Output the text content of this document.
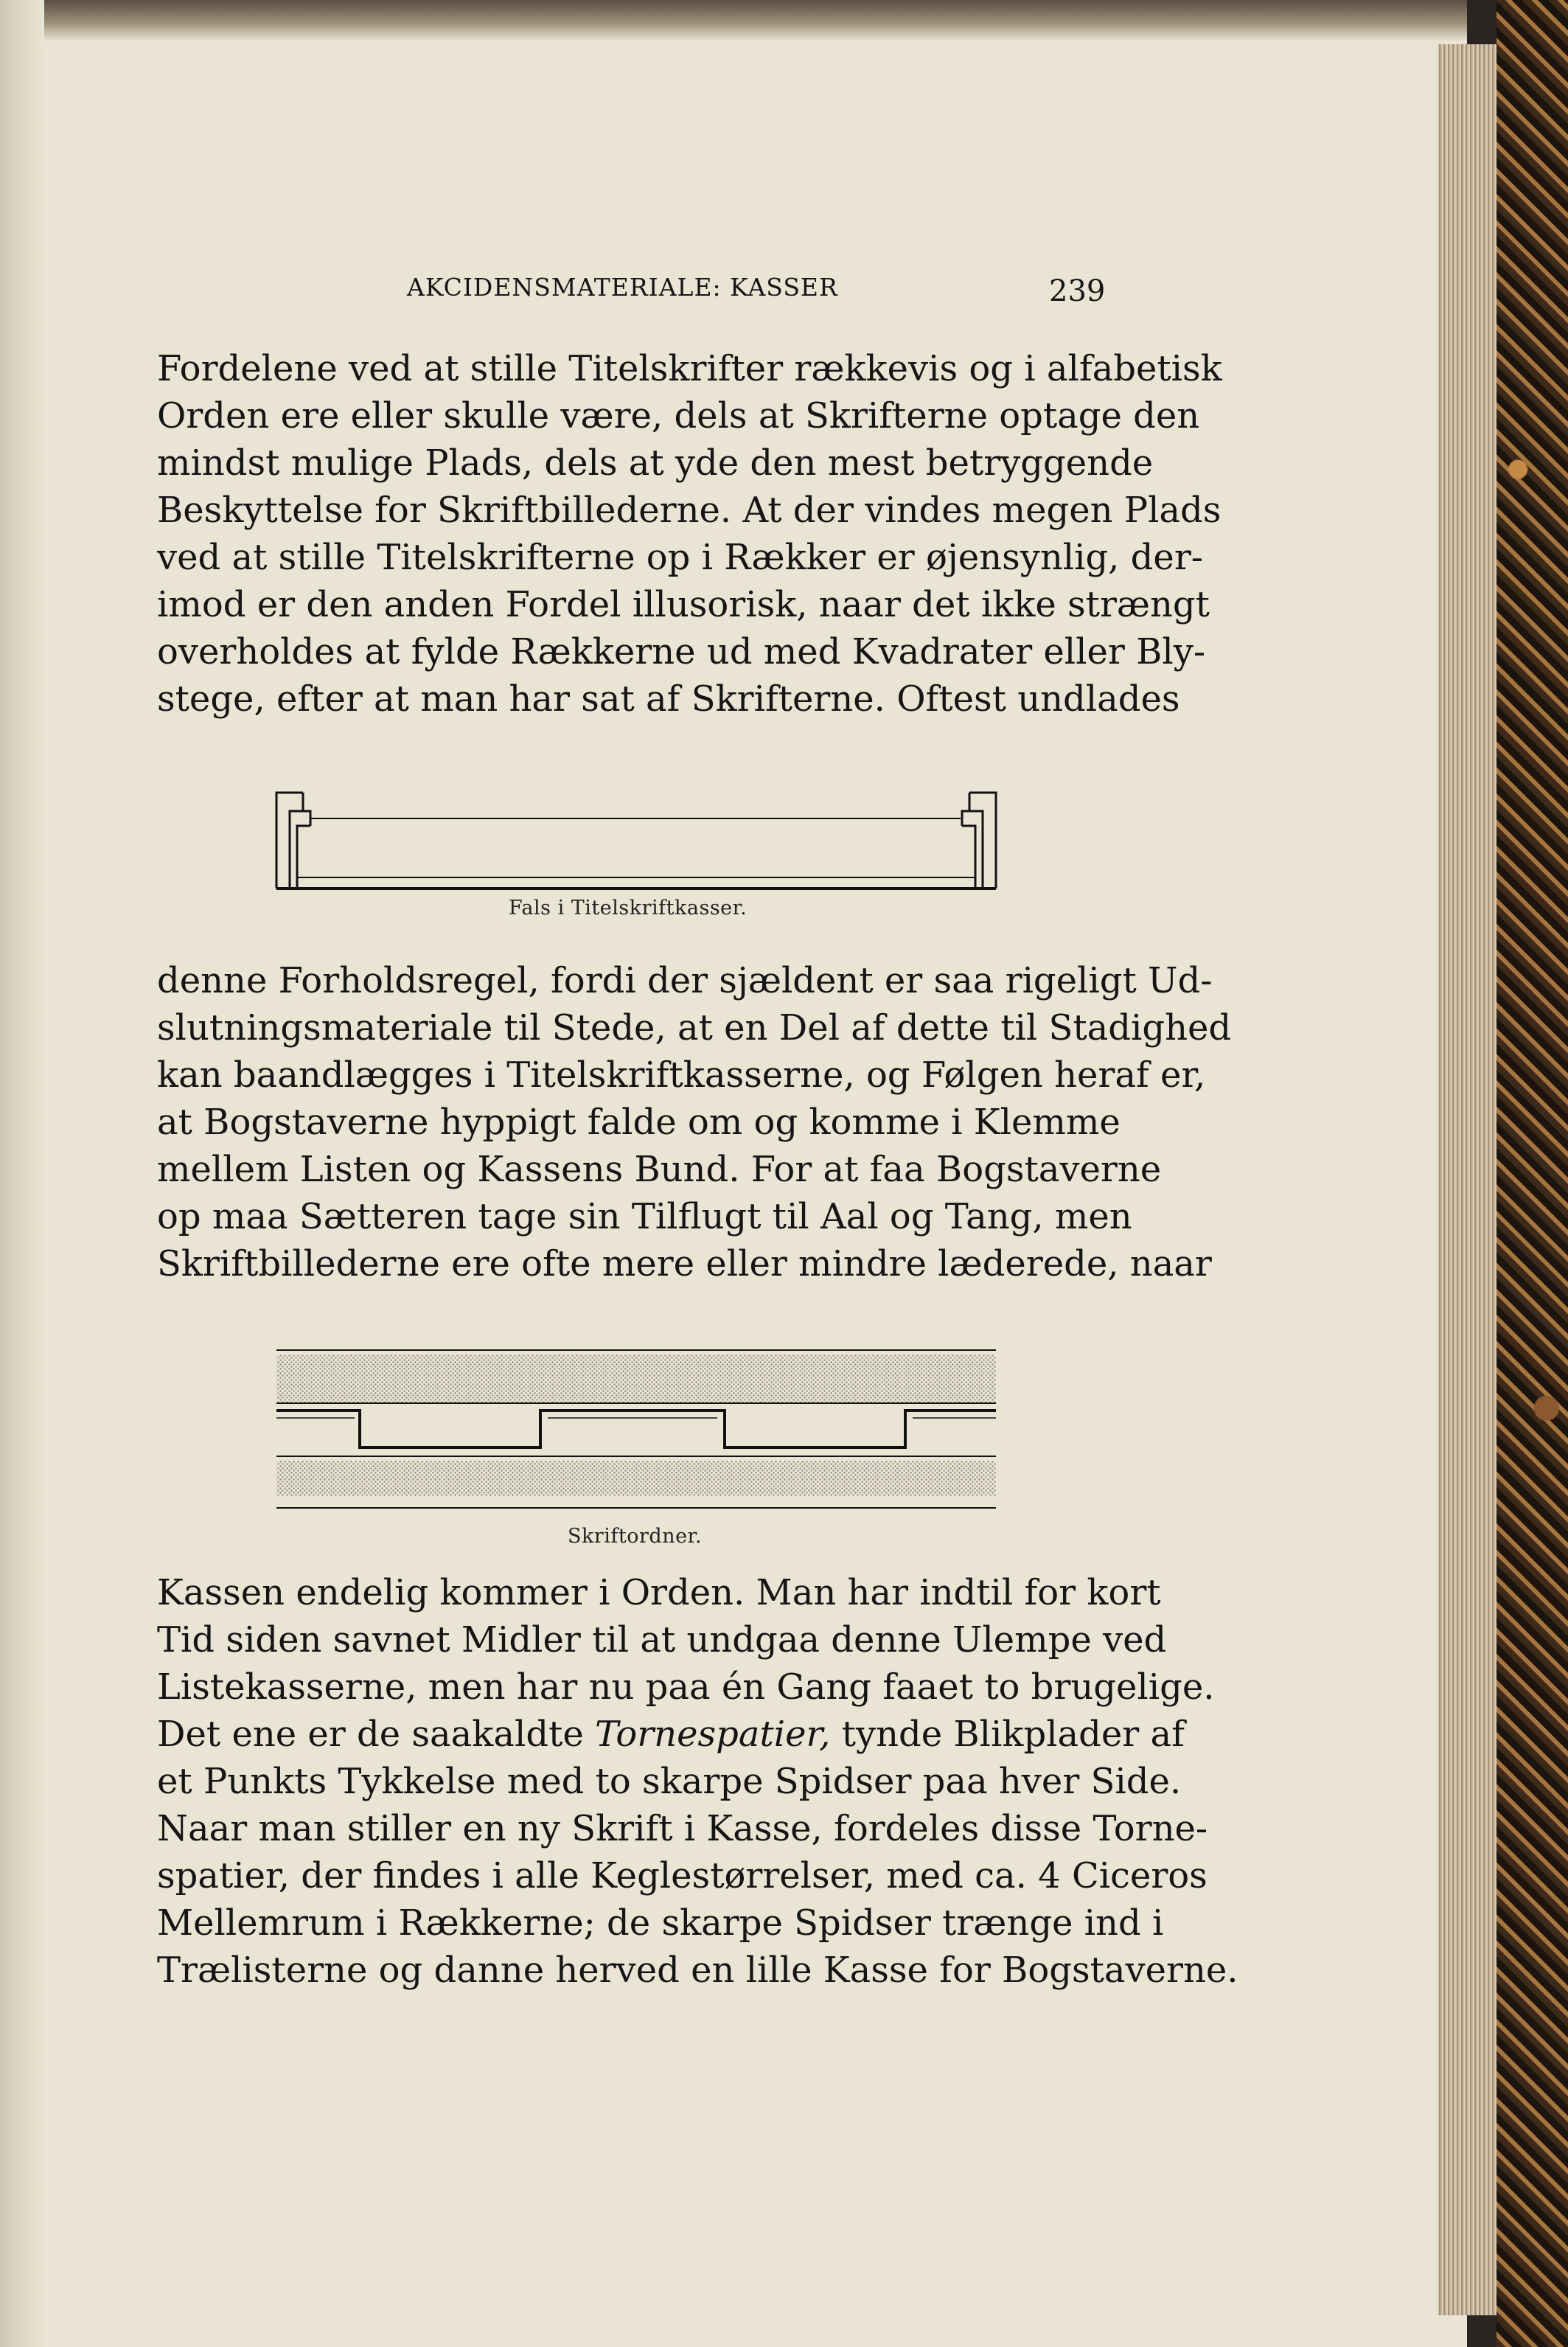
AKCIDENSMATERIALE: KASSER	239

Fordelene ved at stille Titelskrifter rækkevis og i alfabetisk
Orden ere eller skulle være, dels at Skrifterne optage den
mindst mulige Plads, dels at yde den mest betryggende
Beskyttelse for Skriftbillederne. At der vindes megen Plads
ved at stille Titelskrifterne op i Rækker er øjensynlig, der-
imod er den anden Fordel illusorisk, naar det ikke strængt
overholdes at fylde Rækkerne ud med Kvadrater eller Bly-
stege, efter at man har sat af Skrifterne. Oftest undlades

Fals i Titelskriftkasser.

denne Forholdsregel, fordi der sjældent er saa rigeligt Ud-
slutningsmateriale til Stede, at en Del af dette til Stadighed
kan baandlægges i Titelskriftkasserne, og Følgen heraf er,
at Bogstaverne hyppigt falde om og komme i Klemme
mellem Listen og Kassens Bund. For at faa Bogstaverne
op maa Sætteren tage sin Tilflugt til Aal og Tang, men
Skriftbillederne ere ofte mere eller mindre læderede, naar

Skriftordner.

Kassen endelig kommer i Orden. Man har indtil for kort
Tid siden savnet Midler til at undgaa denne Ulempe ved
Listekasserne, men har nu paa én Gang faaet to brugelige.
Det ene er de saakaldte Tornespatier, tynde Blikplader af
et Punkts Tykkelse med to skarpe Spidser paa hver Side.
Naar man stiller en ny Skrift i Kasse, fordeles disse Torne-
spatier, der findes i alle Keglestørrelser, med ca. 4 Ciceros
Mellemrum i Rækkerne; de skarpe Spidser trænge ind i
Trælisterne og danne herved en lille Kasse for Bogstaverne.
